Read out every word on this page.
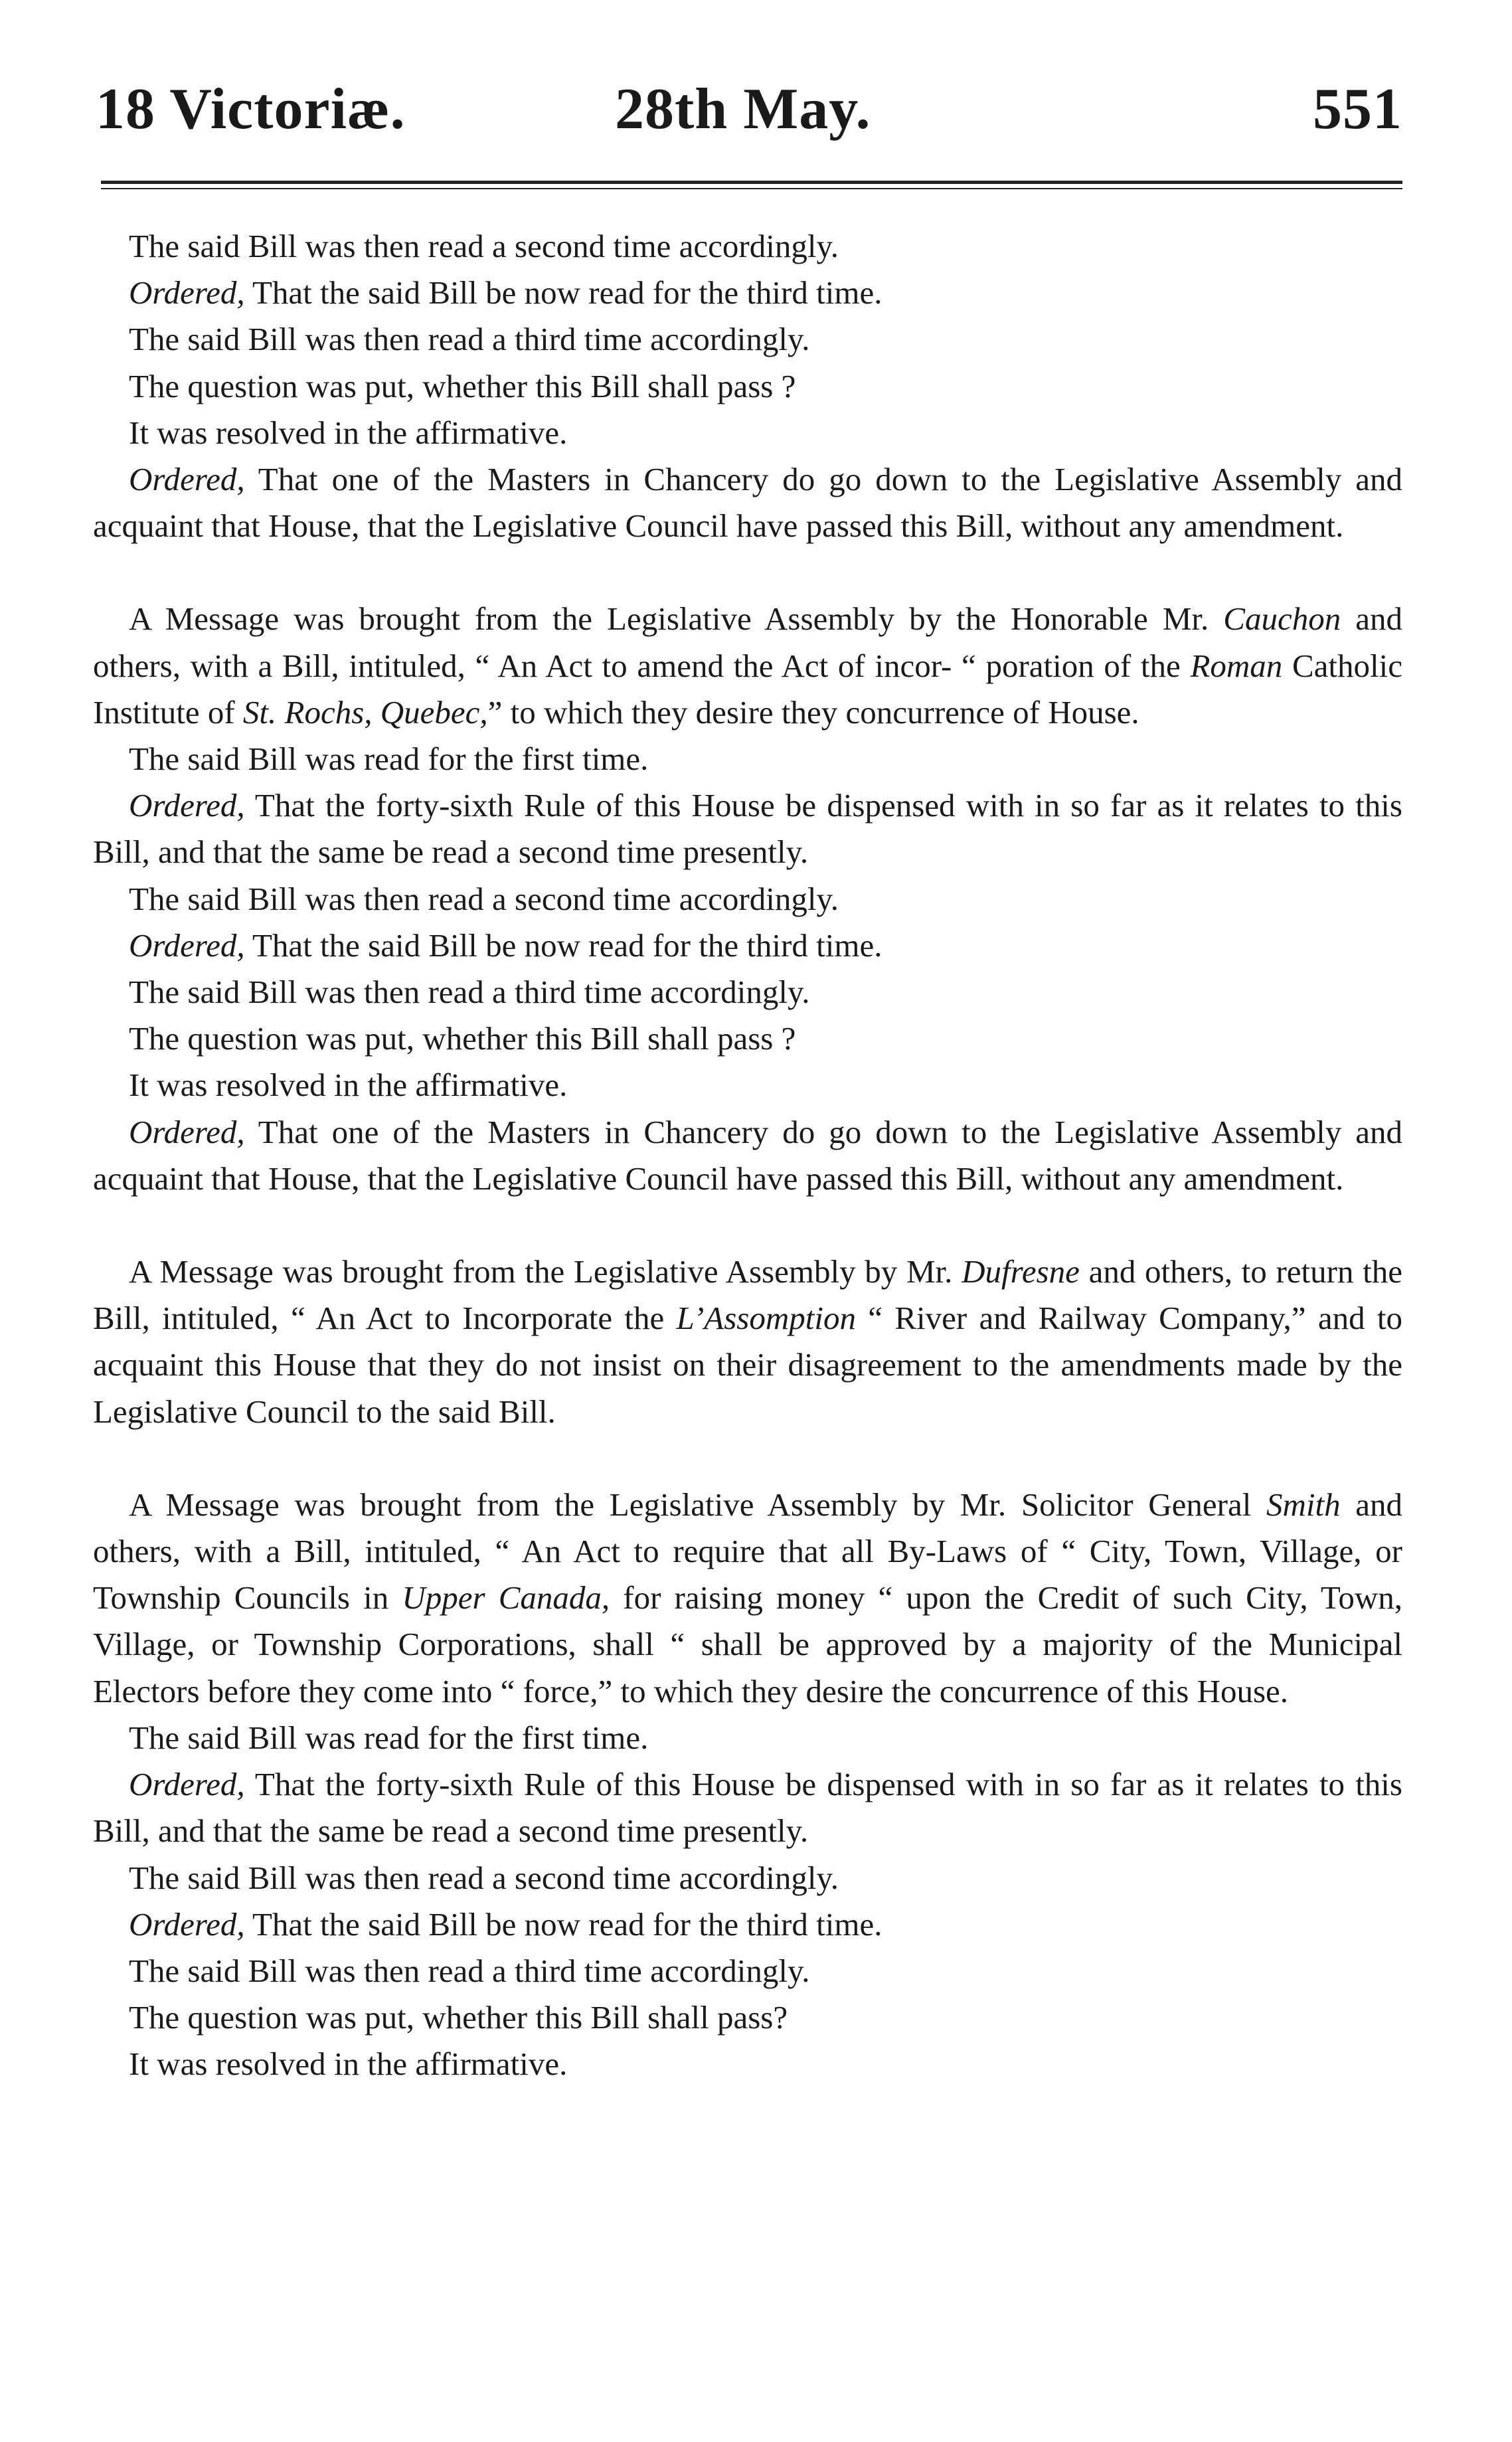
18 Victoriæ.	28th May.	551

The said Bill was then read a second time accordingly.

Ordered, That the said Bill be now read for the third time.

The said Bill was then read a third time accordingly.

The question was put, whether this Bill shall pass ?

It was resolved in the affirmative.

Ordered, That one of the Masters in Chancery do go down to the Legislative Assembly and acquaint that House, that the Legislative Council have passed this Bill, without any amendment.

A Message was brought from the Legislative Assembly by the Honorable Mr. Cauchon and others, with a Bill, intituled, “ An Act to amend the Act of incor- “ poration of the Roman Catholic Institute of St. Rochs, Quebec,” to which they desire they concurrence of House.

The said Bill was read for the first time.

Ordered, That the forty-sixth Rule of this House be dispensed with in so far as it relates to this Bill, and that the same be read a second time presently.

The said Bill was then read a second time accordingly.

Ordered, That the said Bill be now read for the third time.

The said Bill was then read a third time accordingly.

The question was put, whether this Bill shall pass ?

It was resolved in the affirmative.

Ordered, That one of the Masters in Chancery do go down to the Legislative Assembly and acquaint that House, that the Legislative Council have passed this Bill, without any amendment.

A Message was brought from the Legislative Assembly by Mr. Dufresne and others, to return the Bill, intituled, “ An Act to Incorporate the L’Assomption “ River and Railway Company,” and to acquaint this House that they do not insist on their disagreement to the amendments made by the Legislative Council to the said Bill.

A Message was brought from the Legislative Assembly by Mr. Solicitor General Smith and others, with a Bill, intituled, “ An Act to require that all By-Laws of “ City, Town, Village, or Township Councils in Upper Canada, for raising money “ upon the Credit of such City, Town, Village, or Township Corporations, shall “ shall be approved by a majority of the Municipal Electors before they come into “ force,” to which they desire the concurrence of this House.

The said Bill was read for the first time.

Ordered, That the forty-sixth Rule of this House be dispensed with in so far as it relates to this Bill, and that the same be read a second time presently.

The said Bill was then read a second time accordingly.

Ordered, That the said Bill be now read for the third time.

The said Bill was then read a third time accordingly.

The question was put, whether this Bill shall pass?

It was resolved in the affirmative.
